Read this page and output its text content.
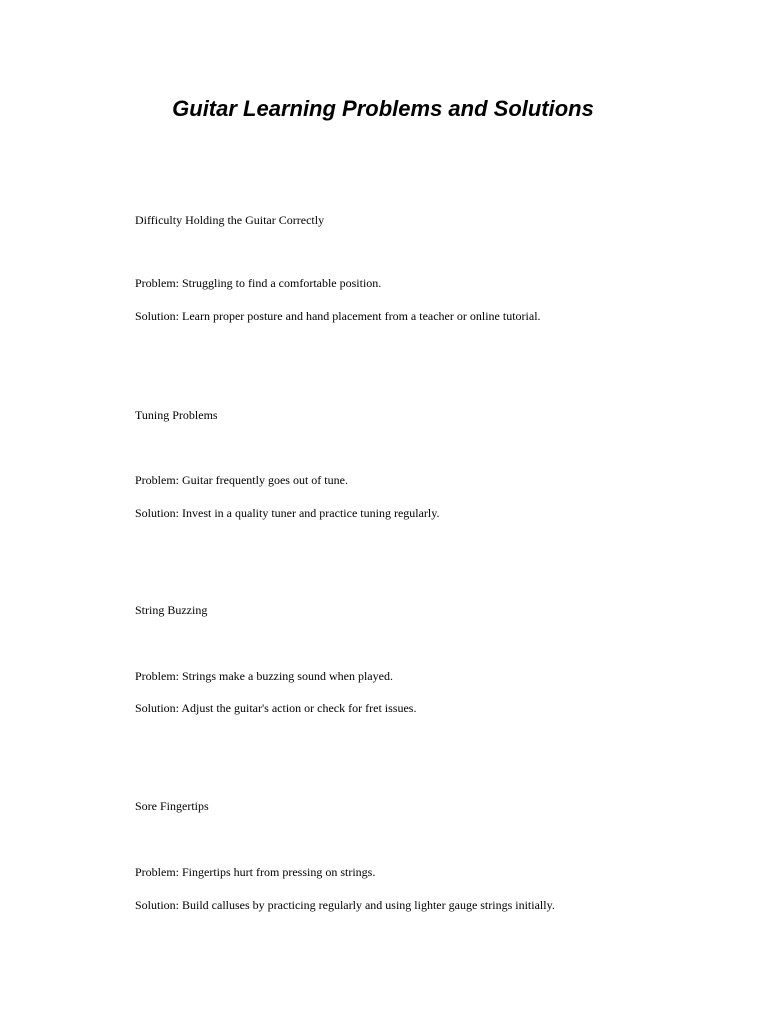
Guitar Learning Problems and Solutions

Difficulty Holding the Guitar Correctly

Problem: Struggling to find a comfortable position.

Solution: Learn proper posture and hand placement from a teacher or online tutorial.

Tuning Problems

Problem: Guitar frequently goes out of tune.

Solution: Invest in a quality tuner and practice tuning regularly.

String Buzzing

Problem: Strings make a buzzing sound when played.

Solution: Adjust the guitar's action or check for fret issues.

Sore Fingertips

Problem: Fingertips hurt from pressing on strings.

Solution: Build calluses by practicing regularly and using lighter gauge strings initially.
